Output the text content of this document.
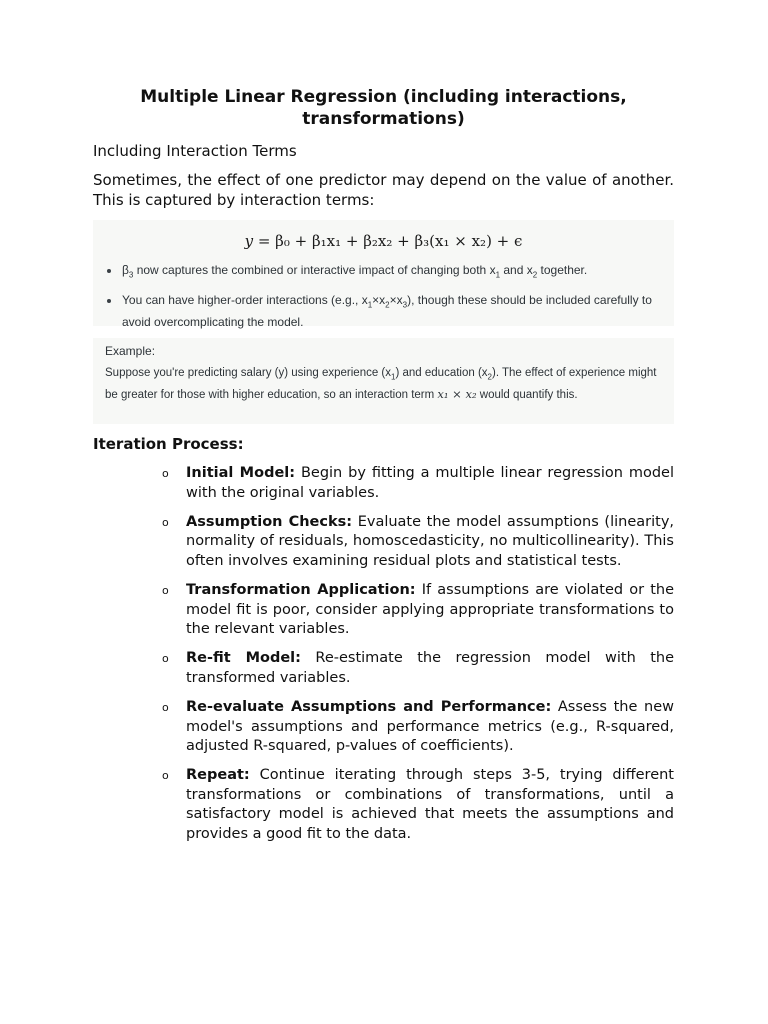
Multiple Linear Regression (including interactions, transformations)
Including Interaction Terms

Sometimes, the effect of one predictor may depend on the value of another. This is captured by interaction terms:

y = β₀ + β₁x₁ + β₂x₂ + β₃(x₁ × x₂) + ϵ
$\beta_3$ now captures the combined or interactive impact of changing both $x_1$ and $x_2$ together.
You can have higher-order interactions (e.g., $x_1\times x_2\times x_3$), though these should be included carefully to avoid overcomplicating the model.
Example:
Suppose you're predicting salary (y) using experience $(x_1)$ and education $(x_2)$. The effect of experience might be greater for those with higher education, so an interaction term x₁ × x₂ would quantify this.
Iteration Process:
o Initial Model: Begin by fitting a multiple linear regression model with the original variables.
o Assumption Checks: Evaluate the model assumptions (linearity, normality of residuals, homoscedasticity, no multicollinearity). This often involves examining residual plots and statistical tests.
o Transformation Application: If assumptions are violated or the model fit is poor, consider applying appropriate transformations to the relevant variables.
o Re-fit Model: Re-estimate the regression model with the transformed variables.
o Re-evaluate Assumptions and Performance: Assess the new model's assumptions and performance metrics (e.g., R-squared, adjusted R-squared, p-values of coefficients).
o Repeat: Continue iterating through steps 3-5, trying different transformations or combinations of transformations, until a satisfactory model is achieved that meets the assumptions and provides a good fit to the data.
